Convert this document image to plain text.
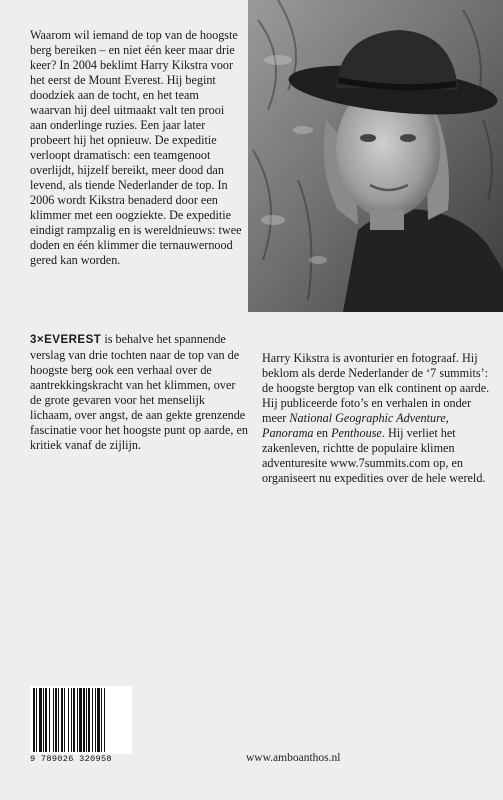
Waarom wil iemand de top van de hoogste berg bereiken – en niet één keer maar drie keer? In 2004 beklimt Harry Kikstra voor het eerst de Mount Everest. Hij begint doodziek aan de tocht, en het team waarvan hij deel uitmaakt valt ten prooi aan onderlinge ruzies. Een jaar later probeert hij het opnieuw. De expeditie verloopt dramatisch: een teamgenoot overlijdt, hijzelf bereikt, meer dood dan levend, als tiende Nederlander de top. In 2006 wordt Kikstra benaderd door een klimmer met een oogziekte. De expeditie eindigt rampzalig en is wereldnieuws: twee doden en één klimmer die ternauwernood gered kan worden.

3×EVEREST is behalve het spannende verslag van drie tochten naar de top van de hoogste berg ook een verhaal over de aantrekkingskracht van het klimmen, over de grote gevaren voor het menselijk lichaam, over angst, de aan gekte grenzende fascinatie voor het hoogste punt op aarde, en kritiek vanaf de zijlijn.
Harry Kikstra is avonturier en fotograaf. Hij beklom als derde Nederlander de ‘7 summits’: de hoogste bergtop van elk continent op aarde. Hij publiceerde foto’s en verhalen in onder meer National Geographic Adventure, Panorama en Penthouse. Hij verliet het zakenleven, richtte de populaire klimen adventuresite www.7summits.com op, en organiseert nu expedities over de hele wereld.
9 789026 320958	www.amboanthos.nl
